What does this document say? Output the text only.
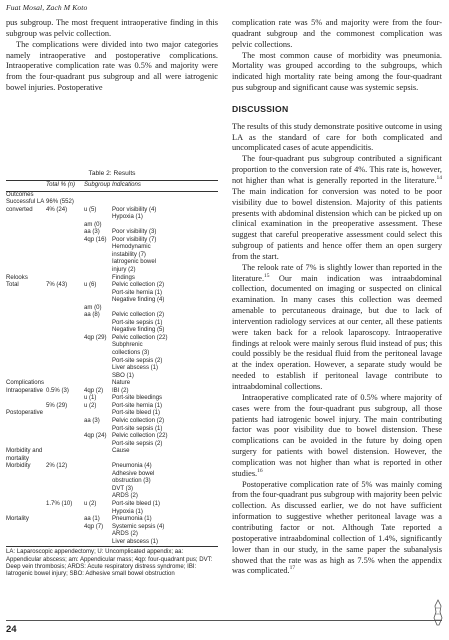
Fuat Mosal, Zach M Koto

pus subgroup. The most frequent intraoperative finding in this subgroup was pelvic collection.

The complications were divided into two major categories namely intraoperative and postoperative complications. Intraoperative complication rate was 0.5% and majority were from the four-quadrant pus subgroup and all were iatrogenic bowel injuries. Postoperative

Table 2: Results
	Total % (n)	Subgroup	Indications
Outcomes			
Successful LA	96% (552)		
converted	4% (24)	u (5)	Poor visibility (4)
			Hypoxia (1)
		am (0)	
		aa (3)	Poor visibility (3)
		4qp (16)	Poor visibility (7)
			Hemodynamic
			instability (7)
			Iatrogenic bowel
			injury (2)
Relooks			Findings
Total	7% (43)	u (6)	Pelvic collection (2)
			Port-site hernia (1)
			Negative finding (4)
		am (0)	
		aa (8)	Pelvic collection (2)
			Port-site sepsis (1)
			Negative finding (5)
		4qp (29)	Pelvic collection (22)
			Subphrenic
			collections (3)
			Port-site sepsis (2)
			Liver abscess (1)
			SBO (1)
Complications			Nature
Intraoperative	0.5% (3)	4qp (2)	IBI (2)
		u (1)	Port-site bleedings
	5% (29)	u (2)	Port-site hernia (1)
Postoperative			Port-site bleed (1)
		aa (3)	Pelvic collection (2)
			Port-site sepsis (1)
		4qp (24)	Pelvic collection (22)
			Port-site sepsis (2)
Morbidity and			Cause
mortality			
Morbidity	2% (12)		Pneumonia (4)
			Adhesive bowel
			obstruction (3)
			DVT (3)
			ARDS (2)
	1.7% (10)	u (2)	Port-site bleed (1)
			Hypoxia (1)
Mortality		aa (1)	Pneumonia (1)
		4qp (7)	Systemic sepsis (4)
			ARDS (2)
			Liver abscess (1)
LA: Laparoscopic appendectomy; U: Uncomplicated appendix; aa: Appendicular abscess; am: Appendicular mass; 4qp: four-quadrant pus; DVT: Deep vein thrombosis; ARDS: Acute respiratory distress syndrome; IBI: Iatrogenic bowel injury; SBO: Adhesive small bowel obstruction

complication rate was 5% and majority were from the four-quadrant subgroup and the commonest complication was pelvic collections.

The most common cause of morbidity was pneumonia. Mortality was grouped according to the subgroups, which indicated high mortality rate being among the four-quadrant pus subgroup and significant cause was systemic sepsis.

DISCUSSION

The results of this study demonstrate positive outcome in using LA as the standard of care for both complicated and uncomplicated cases of acute appendicitis.

The four-quadrant pus subgroup contributed a significant proportion to the conversion rate of 4%. This rate is, however, not higher than what is generally reported in the literature.$^{14}$ The main indication for conversion was noted to be poor visibility due to bowel distension. Majority of this patients presents with abdominal distension which can be picked up on clinical examination in the preoperative assessment. These suggest that careful preoperative assessment could select this subgroup of patients and hence offer them an open surgery from the start.

The relook rate of 7% is slightly lower than reported in the literature.$^{15}$ Our main indication was intraabdominal collection, documented on imaging or suspected on clinical examination. In many cases this collection was deemed amenable to percutaneous drainage, but due to lack of intervention radiology services at our center, all these patients were taken back for a relook laparoscopy. Intraoperative findings at relook were mainly serous fluid instead of pus; this could possibly be the residual fluid from the peritoneal lavage at the index operation. However, a separate study would be needed to establish if peritoneal lavage contribute to intraabdominal collections.

Intraoperative complicated rate of 0.5% where majority of cases were from the four-quadrant pus subgroup, all those patients had iatrogenic bowel injury. The main contributing factor was poor visibility due to bowel distension. These complications can be avoided in the future by doing open surgery for patients with bowel distension. However, the complication was not higher than what is reported in other studies.$^{16}$

Postoperative complication rate of 5% was mainly coming from the four-quadrant pus subgroup with majority been pelvic collection. As discussed earlier, we do not have sufficient information to suggestive whether peritoneal lavage was a contributing factor or not. Although Tate reported a postoperative intraabdominal collection of 1.4%, significantly lower than in our study, in the same paper the subanalysis showed that the rate was as high as 7.5% when the appendix was complicated.$^{17}$

24
